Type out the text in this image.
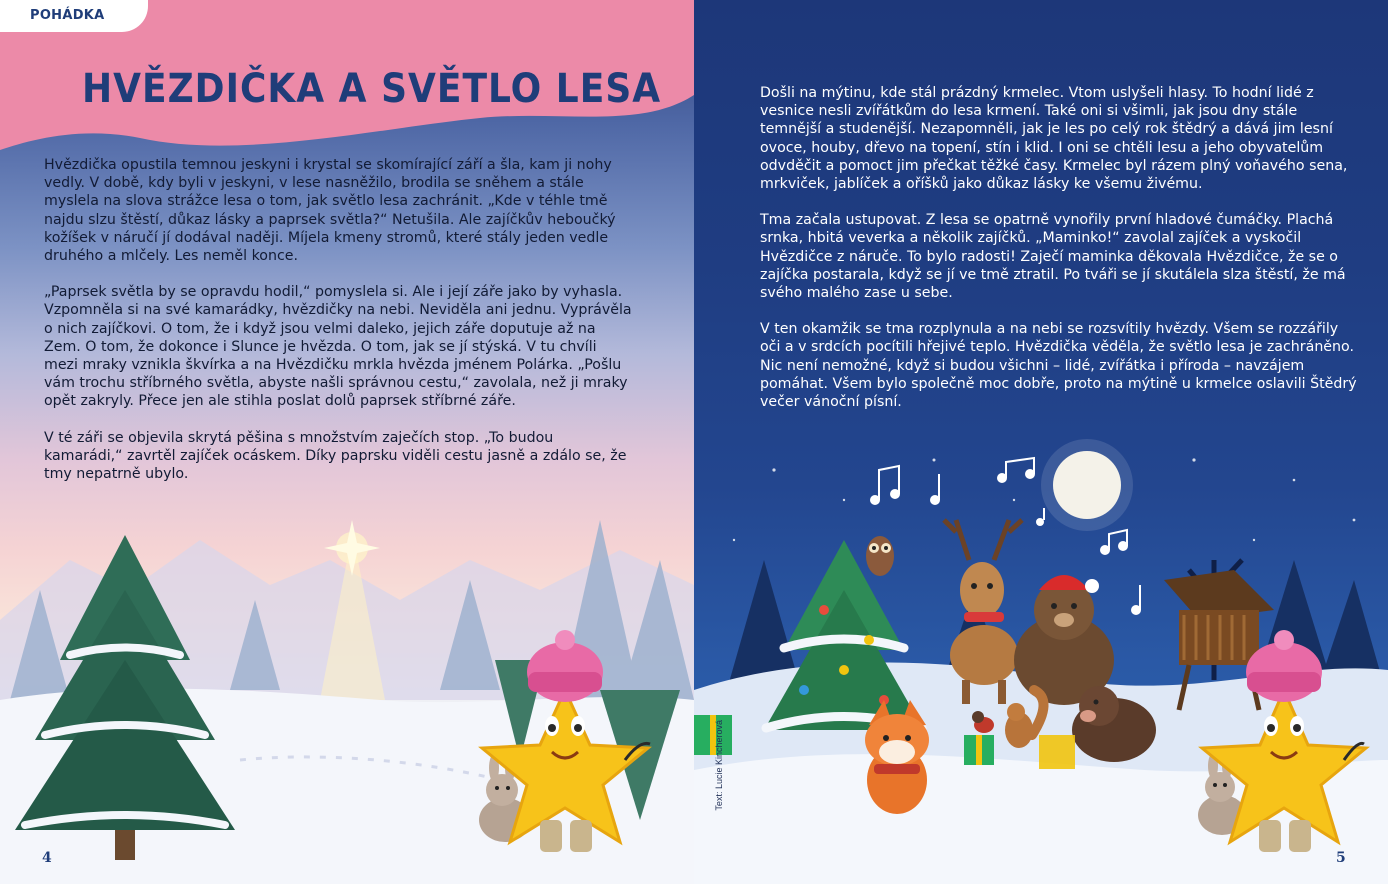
POHÁDKA
HVĚZDIČKA A SVĚTLO LESA

Hvězdička opustila temnou jeskyni i krystal se skomírající září a šla, kam ji nohy vedly. V době, kdy byli v jeskyni, v lese nasněžilo, brodila se sněhem a stále myslela na slova strážce lesa o tom, jak světlo lesa zachránit. „Kde v téhle tmě najdu slzu štěstí, důkaz lásky a paprsek světla?“ Netušila. Ale zajíčkův heboučký kožíšek v náručí jí dodával naději. Míjela kmeny stromů, které stály jeden vedle druhého a mlčely. Les neměl konce.

„Paprsek světla by se opravdu hodil,“ pomyslela si. Ale i její záře jako by vyhasla. Vzpomněla si na své kamarádky, hvězdičky na nebi. Neviděla ani jednu. Vyprávěla o nich zajíčkovi. O tom, že i když jsou velmi daleko, jejich záře doputuje až na Zem. O tom, že dokonce i Slunce je hvězda. O tom, jak se jí stýská. V tu chvíli mezi mraky vznikla škvírka a na Hvězdičku mrkla hvězda jménem Polárka. „Pošlu vám trochu stříbrného světla, abyste našli správnou cestu,“ zavolala, než ji mraky opět zakryly. Přece jen ale stihla poslat dolů paprsek stříbrné záře.

V té záři se objevila skrytá pěšina s množstvím zaječích stop. „To budou kamarádi,“ zavrtěl zajíček ocáskem. Díky paprsku viděli cestu jasně a zdálo se, že tmy nepatrně ubylo.

4

Došli na mýtinu, kde stál prázdný krmelec. Vtom uslyšeli hlasy. To hodní lidé z vesnice nesli zvířátkům do lesa krmení. Také oni si všimli, jak jsou dny stále temnější a studenější. Nezapomněli, jak je les po celý rok štědrý a dává jim lesní ovoce, houby, dřevo na topení, stín i klid. I oni se chtěli lesu a jeho obyvatelům odvděčit a pomoct jim přečkat těžké časy. Krmelec byl rázem plný voňavého sena, mrkviček, jablíček a oříšků jako důkaz lásky ke všemu živému.

Tma začala ustupovat. Z lesa se opatrně vynořily první hladové čumáčky. Plachá srnka, hbitá veverka a několik zajíčků. „Maminko!“ zavolal zajíček a vyskočil Hvězdičce z náruče. To bylo radosti! Zaječí maminka děkovala Hvězdičce, že se o zajíčka postarala, když se jí ve tmě ztratil. Po tváři se jí skutálela slza štěstí, že má svého malého zase u sebe.

V ten okamžik se tma rozplynula a na nebi se rozsvítily hvězdy. Všem se rozzářily oči a v srdcích pocítili hřejivé teplo. Hvězdička věděla, že světlo lesa je zachráněno. Nic není nemožné, když si budou všichni – lidé, zvířátka i příroda – navzájem pomáhat. Všem bylo společně moc dobře, proto na mýtině u krmelce oslavili Štědrý večer vánoční písní.

Text: Lucie Kincherová
5
